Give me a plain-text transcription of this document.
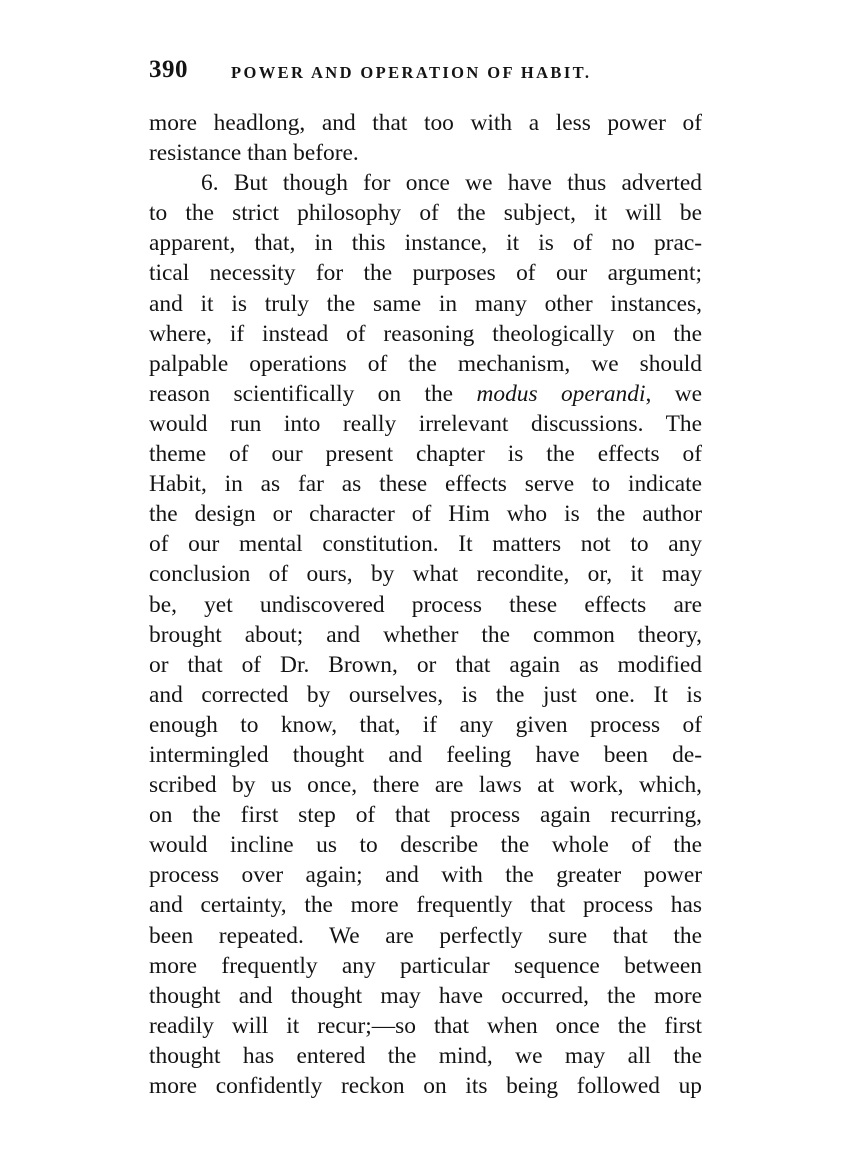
390	POWER AND OPERATION OF HABIT.
more headlong, and that too with a less power of
resistance than before.
6. But though for once we have thus adverted
to the strict philosophy of the subject, it will be
apparent, that, in this instance, it is of no prac-
tical necessity for the purposes of our argument;
and it is truly the same in many other instances,
where, if instead of reasoning theologically on the
palpable operations of the mechanism, we should
reason scientifically on the modus operandi, we
would run into really irrelevant discussions. The
theme of our present chapter is the effects of
Habit, in as far as these effects serve to indicate
the design or character of Him who is the author
of our mental constitution. It matters not to any
conclusion of ours, by what recondite, or, it may
be, yet undiscovered process these effects are
brought about; and whether the common theory,
or that of Dr. Brown, or that again as modified
and corrected by ourselves, is the just one. It is
enough to know, that, if any given process of
intermingled thought and feeling have been de-
scribed by us once, there are laws at work, which,
on the first step of that process again recurring,
would incline us to describe the whole of the
process over again; and with the greater power
and certainty, the more frequently that process has
been repeated. We are perfectly sure that the
more frequently any particular sequence between
thought and thought may have occurred, the more
readily will it recur;—so that when once the first
thought has entered the mind, we may all the
more confidently reckon on its being followed up
